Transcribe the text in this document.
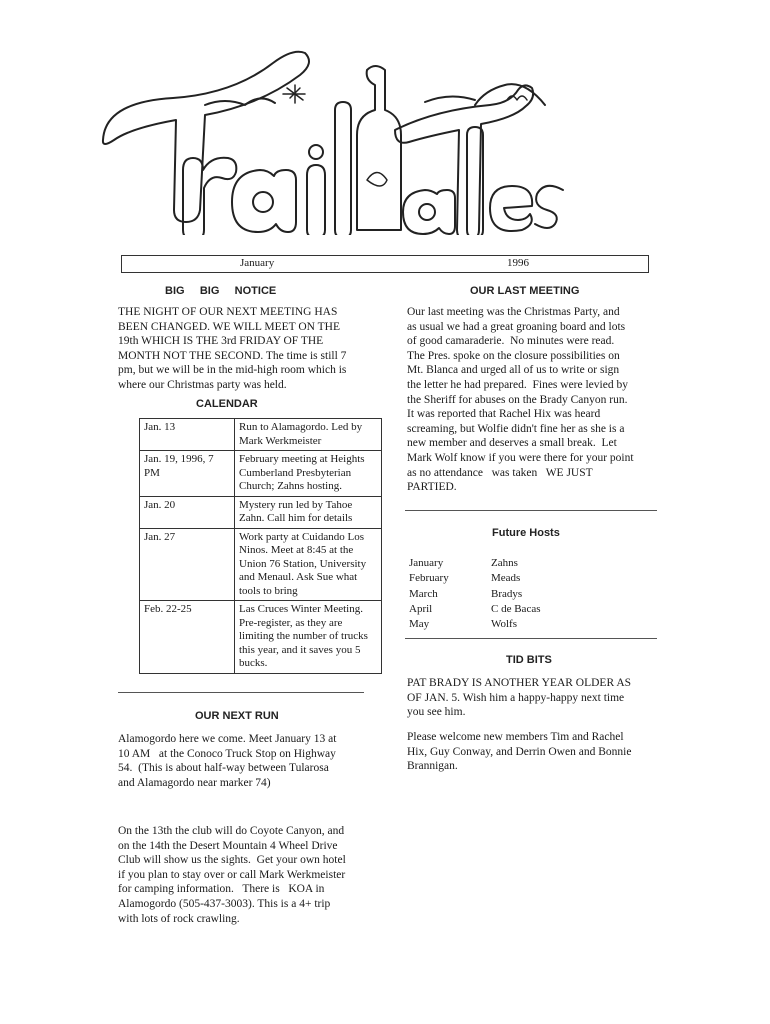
January	1996
BIG     BIG     NOTICE
THE NIGHT OF OUR NEXT MEETING HAS
BEEN CHANGED. WE WILL MEET ON THE
19th WHICH IS THE 3rd FRIDAY OF THE
MONTH NOT THE SECOND. The time is still 7
pm, but we will be in the mid-high room which is
where our Christmas party was held.
CALENDAR
Jan. 13	Run to Alamagordo. Led by Mark Werkmeister
Jan. 19, 1996, 7 PM	February meeting at Heights Cumberland Presbyterian Church; Zahns hosting.
Jan. 20	Mystery run led by Tahoe Zahn. Call him for details
Jan. 27	Work party at Cuidando Los Ninos. Meet at 8:45 at the Union 76 Station, University and Menaul. Ask Sue what tools to bring
Feb. 22-25	Las Cruces Winter Meeting. Pre-register, as they are limiting the number of trucks this year, and it saves you 5 bucks.
OUR NEXT RUN
Alamogordo here we come. Meet January 13 at
10 AM   at the Conoco Truck Stop on Highway
54.  (This is about half-way between Tularosa
and Alamagordo near marker 74)
On the 13th the club will do Coyote Canyon, and
on the 14th the Desert Mountain 4 Wheel Drive
Club will show us the sights.  Get your own hotel
if you plan to stay over or call Mark Werkmeister
for camping information.   There is   KOA in
Alamogordo (505-437-3003). This is a 4+ trip
with lots of rock crawling.
OUR LAST MEETING
Our last meeting was the Christmas Party, and
as usual we had a great groaning board and lots
of good camaraderie.  No minutes were read.
The Pres. spoke on the closure possibilities on
Mt. Blanca and urged all of us to write or sign
the letter he had prepared.  Fines were levied by
the Sheriff for abuses on the Brady Canyon run.
It was reported that Rachel Hix was heard
screaming, but Wolfie didn't fine her as she is a
new member and deserves a small break.  Let
Mark Wolf know if you were there for your point
as no attendance   was taken   WE JUST
PARTIED.
Future Hosts
January	Zahns
February	Meads
March	Bradys
April	C de Bacas
May	Wolfs
TID BITS
PAT BRADY IS ANOTHER YEAR OLDER AS
OF JAN. 5. Wish him a happy-happy next time
you see him.
Please welcome new members Tim and Rachel
Hix, Guy Conway, and Derrin Owen and Bonnie
Brannigan.
